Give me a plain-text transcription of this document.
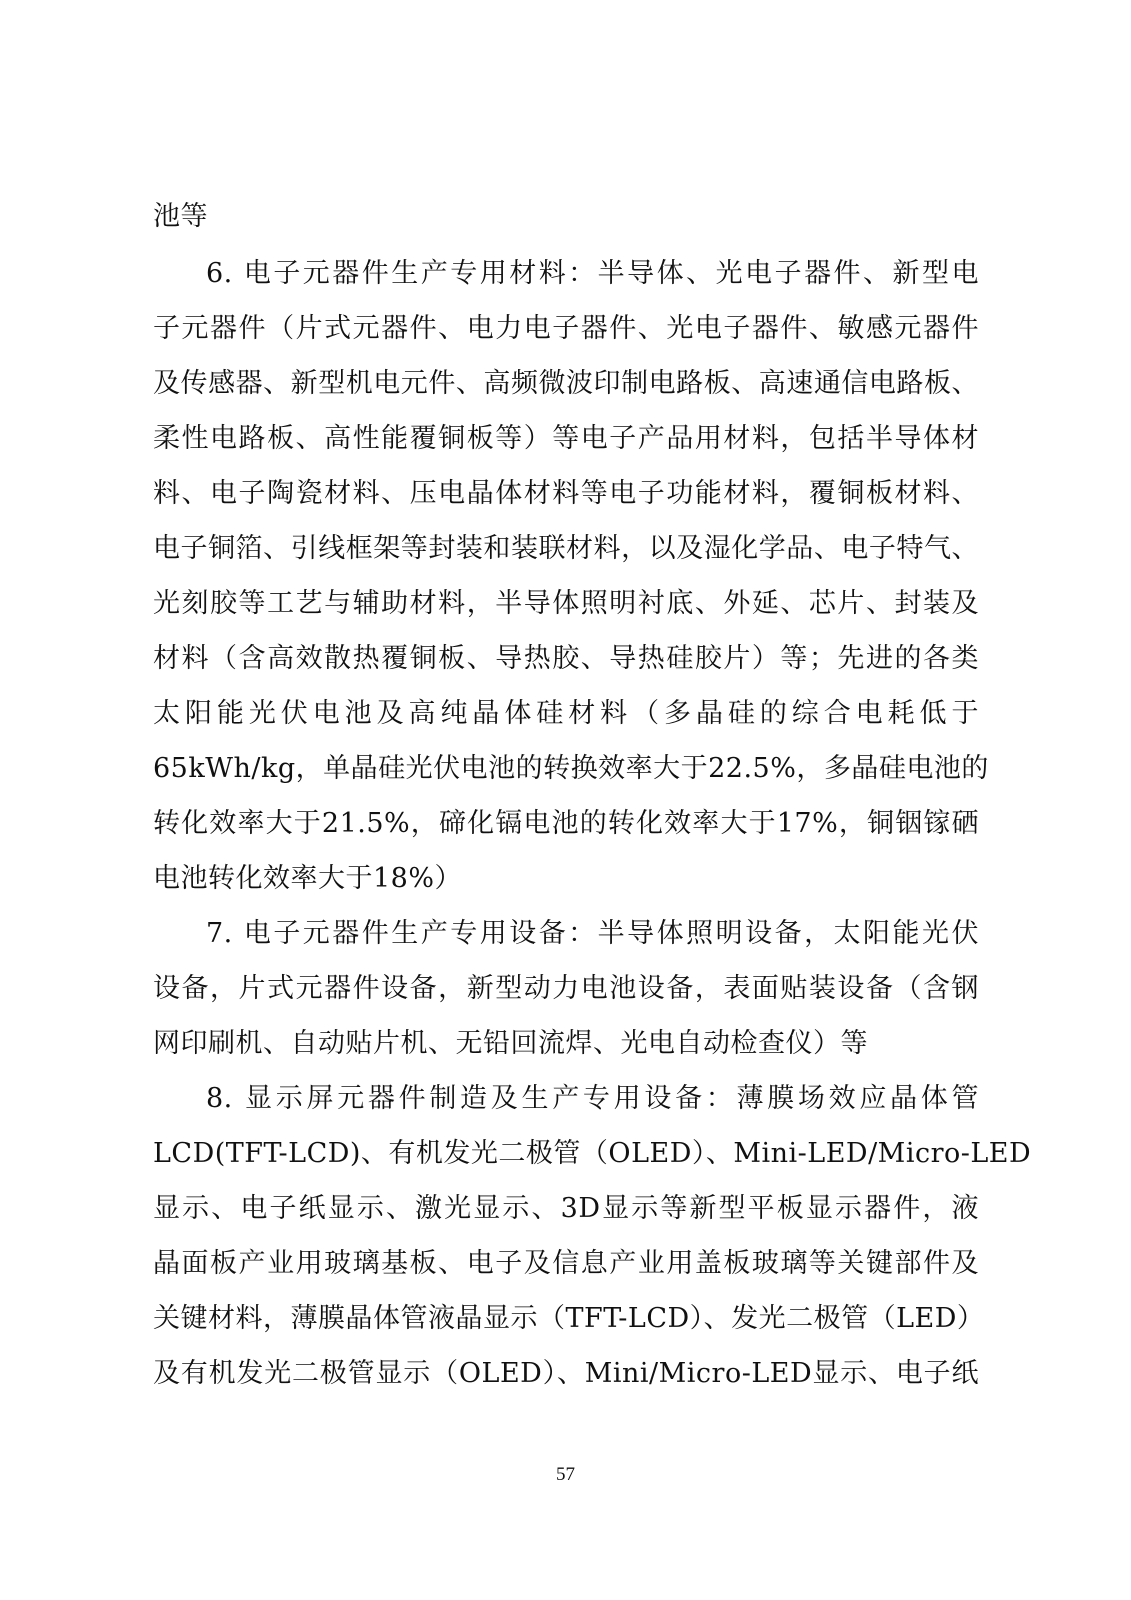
池等
6. 电子元器件生产专用材料：半导体、光电子器件、新型电
子元器件（片式元器件、电力电子器件、光电子器件、敏感元器件
及传感器、新型机电元件、高频微波印制电路板、高速通信电路板、
柔性电路板、高性能覆铜板等）等电子产品用材料，包括半导体材
料、电子陶瓷材料、压电晶体材料等电子功能材料，覆铜板材料、
电子铜箔、引线框架等封装和装联材料，以及湿化学品、电子特气、
光刻胶等工艺与辅助材料，半导体照明衬底、外延、芯片、封装及
材料（含高效散热覆铜板、导热胶、导热硅胶片）等；先进的各类
太阳能光伏电池及高纯晶体硅材料（多晶硅的综合电耗低于
65kWh/kg，单晶硅光伏电池的转换效率大于22.5%，多晶硅电池的
转化效率大于21.5%，碲化镉电池的转化效率大于17%，铜铟镓硒
电池转化效率大于18%）
7. 电子元器件生产专用设备：半导体照明设备，太阳能光伏
设备，片式元器件设备，新型动力电池设备，表面贴装设备（含钢
网印刷机、自动贴片机、无铅回流焊、光电自动检查仪）等
8. 显示屏元器件制造及生产专用设备：薄膜场效应晶体管
LCD(TFT-LCD)、有机发光二极管（OLED）、Mini-LED/Micro-LED
显示、电子纸显示、激光显示、3D显示等新型平板显示器件，液
晶面板产业用玻璃基板、电子及信息产业用盖板玻璃等关键部件及
关键材料，薄膜晶体管液晶显示（TFT-LCD）、发光二极管（LED）
及有机发光二极管显示（OLED）、Mini/Micro-LED显示、电子纸
57
